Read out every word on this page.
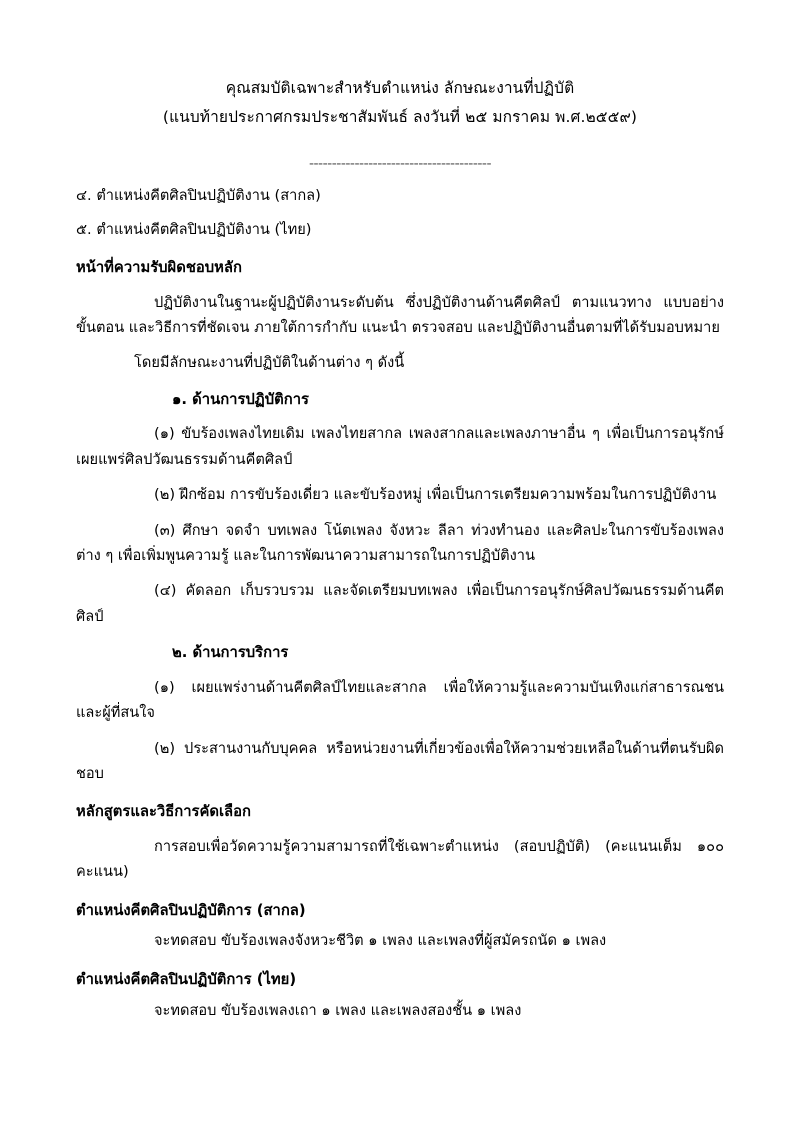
คุณสมบัติเฉพาะสำหรับตำแหน่ง ลักษณะงานที่ปฏิบัติ
(แนบท้ายประกาศกรมประชาสัมพันธ์ ลงวันที่ ๒๕ มกราคม พ.ศ.๒๕๕๙)
----------------------------------------
๔. ตำแหน่งคีตศิลปินปฏิบัติงาน (สากล)
๕. ตำแหน่งคีตศิลปินปฏิบัติงาน (ไทย)
หน้าที่ความรับผิดชอบหลัก
ปฏิบัติงานในฐานะผู้ปฏิบัติงานระดับต้น ซึ่งปฏิบัติงานด้านคีตศิลป์ ตามแนวทาง แบบอย่าง ขั้นตอน และวิธีการที่ชัดเจน ภายใต้การกำกับ แนะนำ ตรวจสอบ และปฏิบัติงานอื่นตามที่ได้รับมอบหมาย
โดยมีลักษณะงานที่ปฏิบัติในด้านต่าง ๆ ดังนี้
๑. ด้านการปฏิบัติการ
(๑) ขับร้องเพลงไทยเดิม เพลงไทยสากล เพลงสากลและเพลงภาษาอื่น ๆ เพื่อเป็นการอนุรักษ์เผยแพร่ศิลปวัฒนธรรมด้านคีตศิลป์
(๒) ฝึกซ้อม การขับร้องเดี่ยว และขับร้องหมู่ เพื่อเป็นการเตรียมความพร้อมในการปฏิบัติงาน
(๓) ศึกษา จดจำ บทเพลง โน้ตเพลง จังหวะ ลีลา ท่วงทำนอง และศิลปะในการขับร้องเพลงต่าง ๆ เพื่อเพิ่มพูนความรู้ และในการพัฒนาความสามารถในการปฏิบัติงาน
(๔) คัดลอก เก็บรวบรวม และจัดเตรียมบทเพลง เพื่อเป็นการอนุรักษ์ศิลปวัฒนธรรมด้านคีตศิลป์
๒. ด้านการบริการ
(๑) เผยแพร่งานด้านคีตศิลป์ไทยและสากล เพื่อให้ความรู้และความบันเทิงแก่สาธารณชน และผู้ที่สนใจ
(๒) ประสานงานกับบุคคล หรือหน่วยงานที่เกี่ยวข้องเพื่อให้ความช่วยเหลือในด้านที่ตนรับผิดชอบ
หลักสูตรและวิธีการคัดเลือก
การสอบเพื่อวัดความรู้ความสามารถที่ใช้เฉพาะตำแหน่ง (สอบปฏิบัติ) (คะแนนเต็ม ๑๐๐ คะแนน)
ตำแหน่งคีตศิลปินปฏิบัติการ (สากล)
จะทดสอบ ขับร้องเพลงจังหวะชีวิต ๑ เพลง และเพลงที่ผู้สมัครถนัด ๑ เพลง
ตำแหน่งคีตศิลปินปฏิบัติการ (ไทย)
จะทดสอบ ขับร้องเพลงเถา ๑ เพลง และเพลงสองชั้น ๑ เพลง
